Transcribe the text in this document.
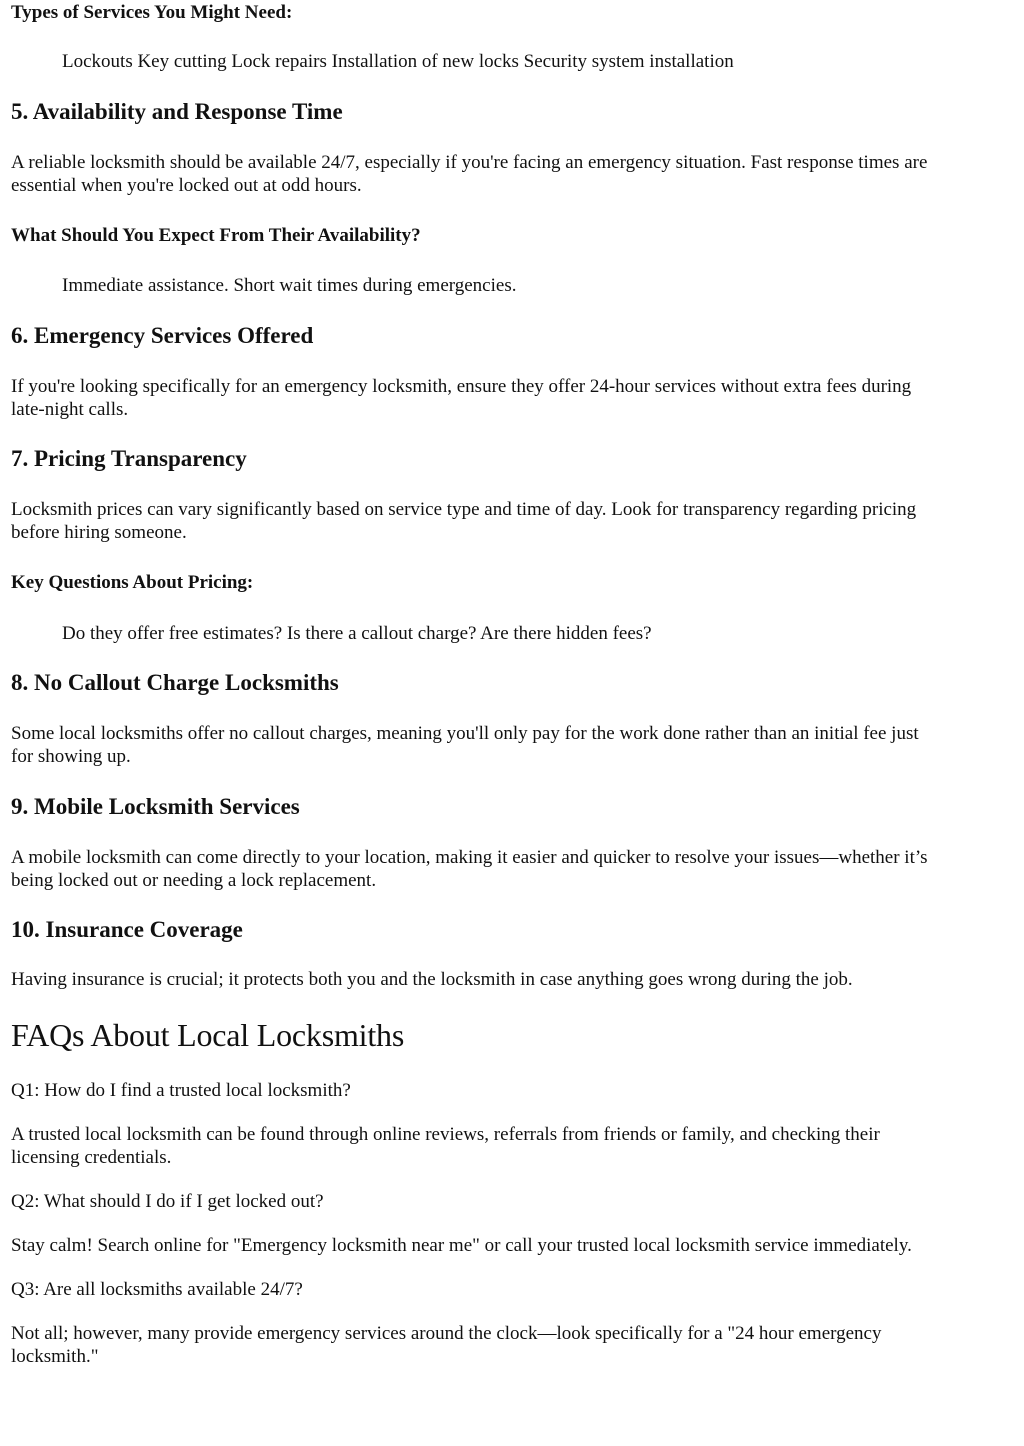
Types of Services You Might Need:

Lockouts Key cutting Lock repairs Installation of new locks Security system installation

5. Availability and Response Time

A reliable locksmith should be available 24/7, especially if you're facing an emergency situation. Fast response times are
essential when you're locked out at odd hours.

What Should You Expect From Their Availability?

Immediate assistance. Short wait times during emergencies.

6. Emergency Services Offered

If you're looking specifically for an emergency locksmith, ensure they offer 24-hour services without extra fees during
late-night calls.

7. Pricing Transparency

Locksmith prices can vary significantly based on service type and time of day. Look for transparency regarding pricing
before hiring someone.

Key Questions About Pricing:

Do they offer free estimates? Is there a callout charge? Are there hidden fees?

8. No Callout Charge Locksmiths

Some local locksmiths offer no callout charges, meaning you'll only pay for the work done rather than an initial fee just
for showing up.

9. Mobile Locksmith Services

A mobile locksmith can come directly to your location, making it easier and quicker to resolve your issues—whether it’s
being locked out or needing a lock replacement.

10. Insurance Coverage

Having insurance is crucial; it protects both you and the locksmith in case anything goes wrong during the job.

FAQs About Local Locksmiths

Q1: How do I find a trusted local locksmith?

A trusted local locksmith can be found through online reviews, referrals from friends or family, and checking their
licensing credentials.

Q2: What should I do if I get locked out?

Stay calm! Search online for "Emergency locksmith near me" or call your trusted local locksmith service immediately.

Q3: Are all locksmiths available 24/7?

Not all; however, many provide emergency services around the clock—look specifically for a "24 hour emergency
locksmith."
